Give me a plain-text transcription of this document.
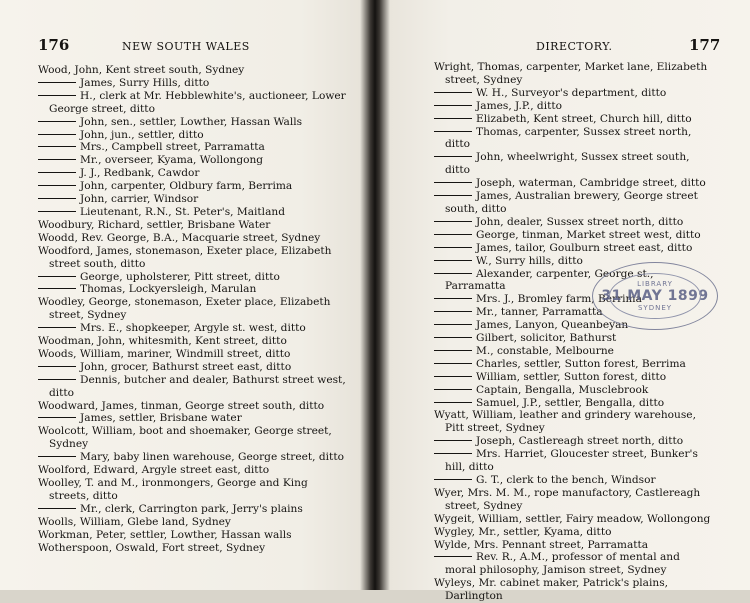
176	NEW SOUTH WALES	177
DIRECTORY.

Wood, John, Kent street south, Sydney

James, Surry Hills, ditto

H., clerk at Mr. Hebblewhite's, auctioneer, Lower George street, ditto

John, sen., settler, Lowther, Hassan Walls

John, jun., settler, ditto

Mrs., Campbell street, Parramatta

Mr., overseer, Kyama, Wollongong

J. J., Redbank, Cawdor

John, carpenter, Oldbury farm, Berrima

John, carrier, Windsor

Lieutenant, R.N., St. Peter's, Maitland

Woodbury, Richard, settler, Brisbane Water

Woodd, Rev. George, B.A., Macquarie street, Sydney

Woodford, James, stonemason, Exeter place, Elizabeth street south, ditto

George, upholsterer, Pitt street, ditto

Thomas, Lockyersleigh, Marulan

Woodley, George, stonemason, Exeter place, Elizabeth street, Sydney

Mrs. E., shopkeeper, Argyle st. west, ditto

Woodman, John, whitesmith, Kent street, ditto

Woods, William, mariner, Windmill street, ditto

John, grocer, Bathurst street east, ditto

Dennis, butcher and dealer, Bathurst street west, ditto

Woodward, James, tinman, George street south, ditto

James, settler, Brisbane water

Woolcott, William, boot and shoemaker, George street, Sydney

Mary, baby linen warehouse, George street, ditto

Woolford, Edward, Argyle street east, ditto

Woolley, T. and M., ironmongers, George and King streets, ditto

Mr., clerk, Carrington park, Jerry's plains

Woolls, William, Glebe land, Sydney

Workman, Peter, settler, Lowther, Hassan walls

Wotherspoon, Oswald, Fort street, Sydney

Wright, Thomas, carpenter, Market lane, Elizabeth street, Sydney

W. H., Surveyor's department, ditto

James, J.P., ditto

Elizabeth, Kent street, Church hill, ditto

Thomas, carpenter, Sussex street north, ditto

John, wheelwright, Sussex street south, ditto

Joseph, waterman, Cambridge street, ditto

James, Australian brewery, George street south, ditto

John, dealer, Sussex street north, ditto

George, tinman, Market street west, ditto

James, tailor, Goulburn street east, ditto

W., Surry hills, ditto

Alexander, carpenter, George st., Parramatta

Mrs. J., Bromley farm, Berrima

Mr., tanner, Parramatta

James, Lanyon, Queanbeyan

Gilbert, solicitor, Bathurst

M., constable, Melbourne

Charles, settler, Sutton forest, Berrima

William, settler, Sutton forest, ditto

Captain, Bengalla, Musclebrook

Samuel, J.P., settler, Bengalla, ditto

Wyatt, William, leather and grindery warehouse, Pitt street, Sydney

Joseph, Castlereagh street north, ditto

Mrs. Harriet, Gloucester street, Bunker's hill, ditto

G. T., clerk to the bench, Windsor

Wyer, Mrs. M. M., rope manufactory, Castlereagh street, Sydney

Wygeit, William, settler, Fairy meadow, Wollongong

Wygley, Mr., settler, Kyama, ditto

Wylde, Mrs. Pennant street, Parramatta

Rev. R., A.M., professor of mental and moral philosophy, Jamison street, Sydney

Wyleys, Mr. cabinet maker, Patrick's plains, Darlington

LIBRARY
31 MAY 1899
SYDNEY
